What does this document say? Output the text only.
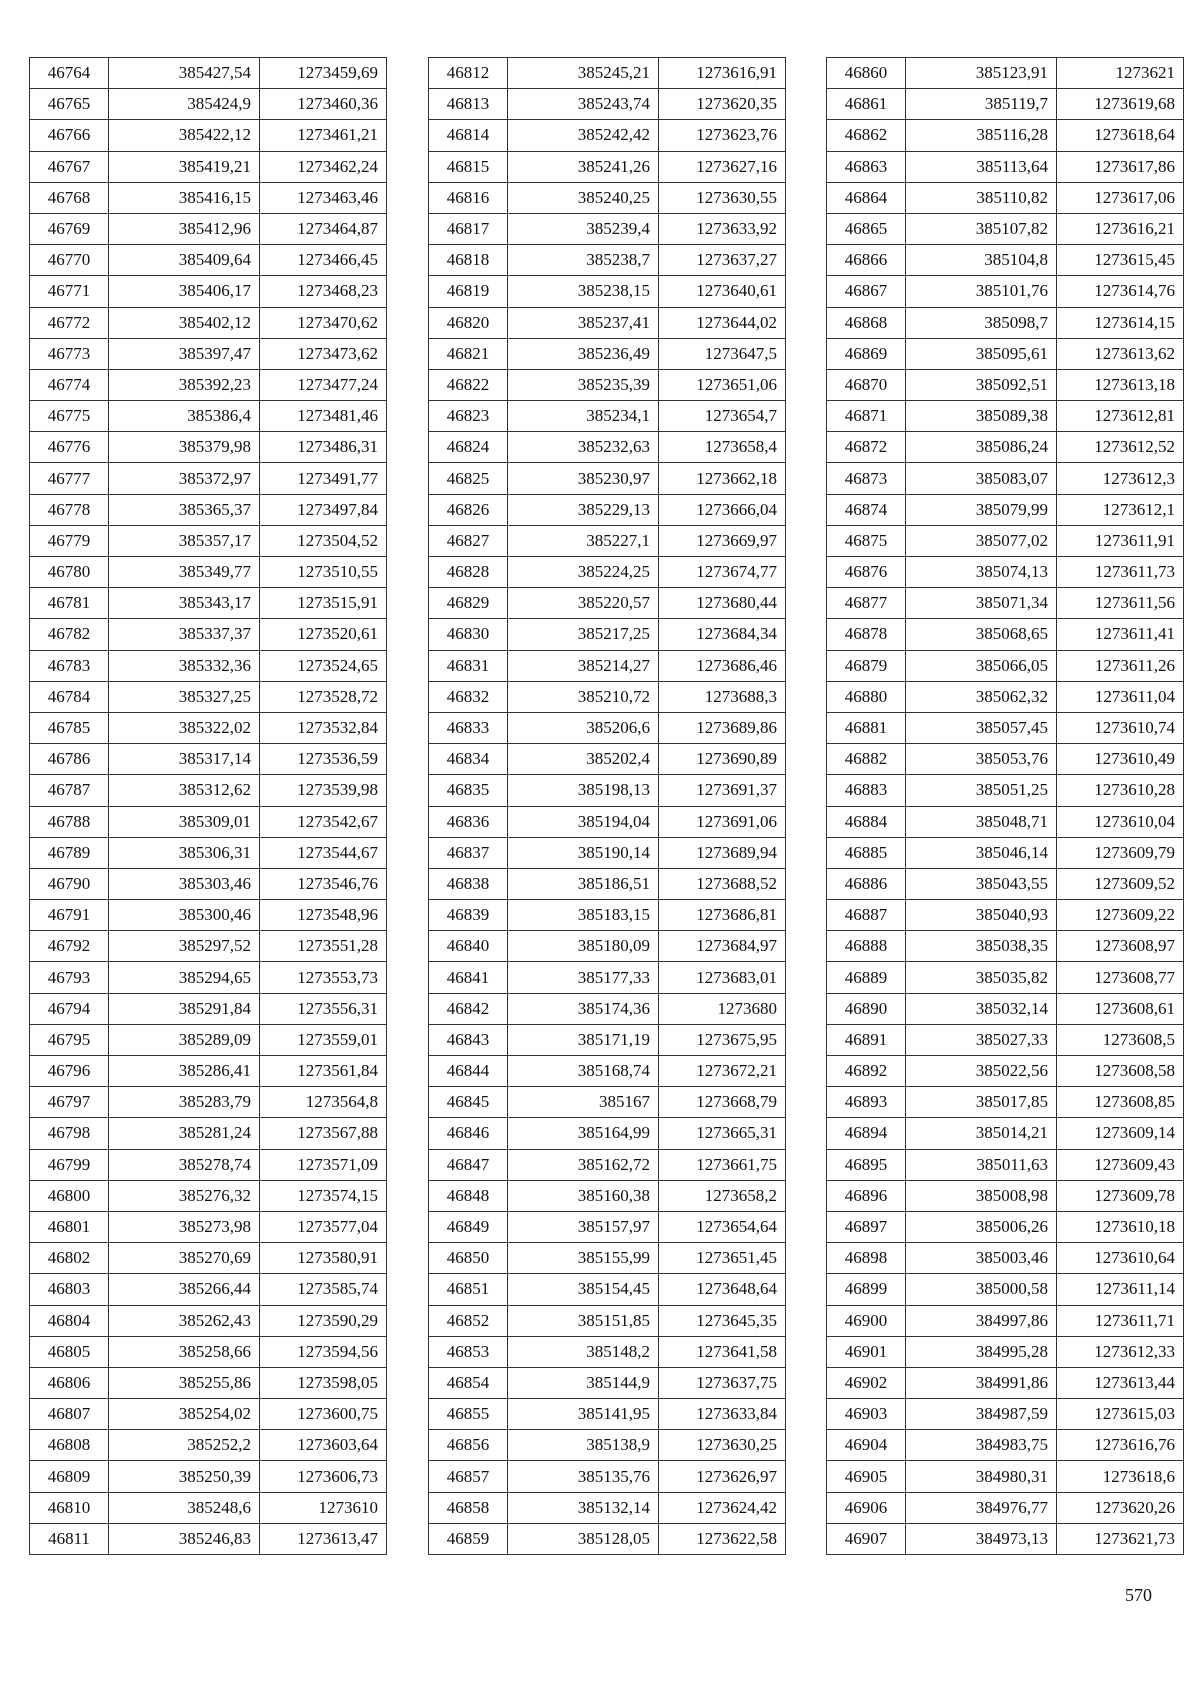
46764	385427,54	1273459,69
46765	385424,9	1273460,36
46766	385422,12	1273461,21
46767	385419,21	1273462,24
46768	385416,15	1273463,46
46769	385412,96	1273464,87
46770	385409,64	1273466,45
46771	385406,17	1273468,23
46772	385402,12	1273470,62
46773	385397,47	1273473,62
46774	385392,23	1273477,24
46775	385386,4	1273481,46
46776	385379,98	1273486,31
46777	385372,97	1273491,77
46778	385365,37	1273497,84
46779	385357,17	1273504,52
46780	385349,77	1273510,55
46781	385343,17	1273515,91
46782	385337,37	1273520,61
46783	385332,36	1273524,65
46784	385327,25	1273528,72
46785	385322,02	1273532,84
46786	385317,14	1273536,59
46787	385312,62	1273539,98
46788	385309,01	1273542,67
46789	385306,31	1273544,67
46790	385303,46	1273546,76
46791	385300,46	1273548,96
46792	385297,52	1273551,28
46793	385294,65	1273553,73
46794	385291,84	1273556,31
46795	385289,09	1273559,01
46796	385286,41	1273561,84
46797	385283,79	1273564,8
46798	385281,24	1273567,88
46799	385278,74	1273571,09
46800	385276,32	1273574,15
46801	385273,98	1273577,04
46802	385270,69	1273580,91
46803	385266,44	1273585,74
46804	385262,43	1273590,29
46805	385258,66	1273594,56
46806	385255,86	1273598,05
46807	385254,02	1273600,75
46808	385252,2	1273603,64
46809	385250,39	1273606,73
46810	385248,6	1273610
46811	385246,83	1273613,47
46812	385245,21	1273616,91
46813	385243,74	1273620,35
46814	385242,42	1273623,76
46815	385241,26	1273627,16
46816	385240,25	1273630,55
46817	385239,4	1273633,92
46818	385238,7	1273637,27
46819	385238,15	1273640,61
46820	385237,41	1273644,02
46821	385236,49	1273647,5
46822	385235,39	1273651,06
46823	385234,1	1273654,7
46824	385232,63	1273658,4
46825	385230,97	1273662,18
46826	385229,13	1273666,04
46827	385227,1	1273669,97
46828	385224,25	1273674,77
46829	385220,57	1273680,44
46830	385217,25	1273684,34
46831	385214,27	1273686,46
46832	385210,72	1273688,3
46833	385206,6	1273689,86
46834	385202,4	1273690,89
46835	385198,13	1273691,37
46836	385194,04	1273691,06
46837	385190,14	1273689,94
46838	385186,51	1273688,52
46839	385183,15	1273686,81
46840	385180,09	1273684,97
46841	385177,33	1273683,01
46842	385174,36	1273680
46843	385171,19	1273675,95
46844	385168,74	1273672,21
46845	385167	1273668,79
46846	385164,99	1273665,31
46847	385162,72	1273661,75
46848	385160,38	1273658,2
46849	385157,97	1273654,64
46850	385155,99	1273651,45
46851	385154,45	1273648,64
46852	385151,85	1273645,35
46853	385148,2	1273641,58
46854	385144,9	1273637,75
46855	385141,95	1273633,84
46856	385138,9	1273630,25
46857	385135,76	1273626,97
46858	385132,14	1273624,42
46859	385128,05	1273622,58
46860	385123,91	1273621
46861	385119,7	1273619,68
46862	385116,28	1273618,64
46863	385113,64	1273617,86
46864	385110,82	1273617,06
46865	385107,82	1273616,21
46866	385104,8	1273615,45
46867	385101,76	1273614,76
46868	385098,7	1273614,15
46869	385095,61	1273613,62
46870	385092,51	1273613,18
46871	385089,38	1273612,81
46872	385086,24	1273612,52
46873	385083,07	1273612,3
46874	385079,99	1273612,1
46875	385077,02	1273611,91
46876	385074,13	1273611,73
46877	385071,34	1273611,56
46878	385068,65	1273611,41
46879	385066,05	1273611,26
46880	385062,32	1273611,04
46881	385057,45	1273610,74
46882	385053,76	1273610,49
46883	385051,25	1273610,28
46884	385048,71	1273610,04
46885	385046,14	1273609,79
46886	385043,55	1273609,52
46887	385040,93	1273609,22
46888	385038,35	1273608,97
46889	385035,82	1273608,77
46890	385032,14	1273608,61
46891	385027,33	1273608,5
46892	385022,56	1273608,58
46893	385017,85	1273608,85
46894	385014,21	1273609,14
46895	385011,63	1273609,43
46896	385008,98	1273609,78
46897	385006,26	1273610,18
46898	385003,46	1273610,64
46899	385000,58	1273611,14
46900	384997,86	1273611,71
46901	384995,28	1273612,33
46902	384991,86	1273613,44
46903	384987,59	1273615,03
46904	384983,75	1273616,76
46905	384980,31	1273618,6
46906	384976,77	1273620,26
46907	384973,13	1273621,73
570
